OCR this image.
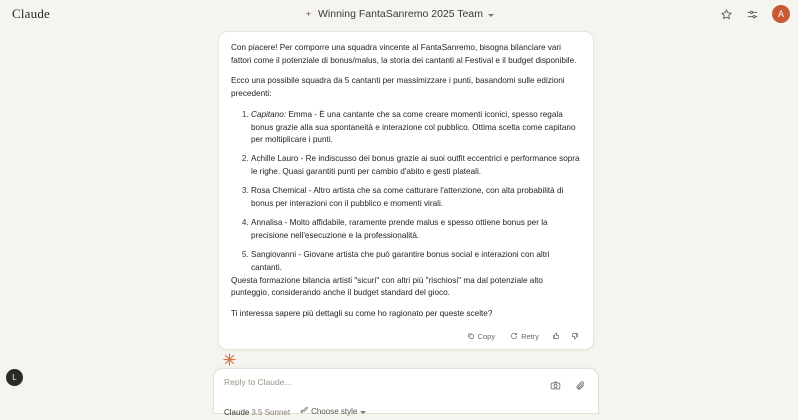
Claude	Winning FantaSanremo 2025 Team	A

Con piacere! Per comporre una squadra vincente al FantaSanremo, bisogna bilanciare vari fattori come il potenziale di bonus/malus, la storia dei cantanti al Festival e il budget disponibile.

Ecco una possibile squadra da 5 cantanti per massimizzare i punti, basandomi sulle edizioni precedenti:

1. Capitano: Emma - È una cantante che sa come creare momenti iconici, spesso regala bonus grazie alla sua spontaneità e interazione col pubblico. Ottima scelta come capitano per moltiplicare i punti.
2. Achille Lauro - Re indiscusso dei bonus grazie ai suoi outfit eccentrici e performance sopra le righe. Quasi garantiti punti per cambio d'abito e gesti plateali.
3. Rosa Chemical - Altro artista che sa come catturare l'attenzione, con alta probabilità di bonus per interazioni con il pubblico e momenti virali.
4. Annalisa - Molto affidabile, raramente prende malus e spesso ottiene bonus per la precisione nell'esecuzione e la professionalità.
5. Sangiovanni - Giovane artista che può garantire bonus social e interazioni con altri cantanti.

Questa formazione bilancia artisti "sicuri" con altri più "rischiosi" ma dal potenziale alto punteggio, considerando anche il budget standard del gioco.

Ti interessa sapere più dettagli su come ho ragionato per queste scelte?

Copy	Retry
Reply to Claude...
Claude 3.5 Sonnet	Choose style
L
